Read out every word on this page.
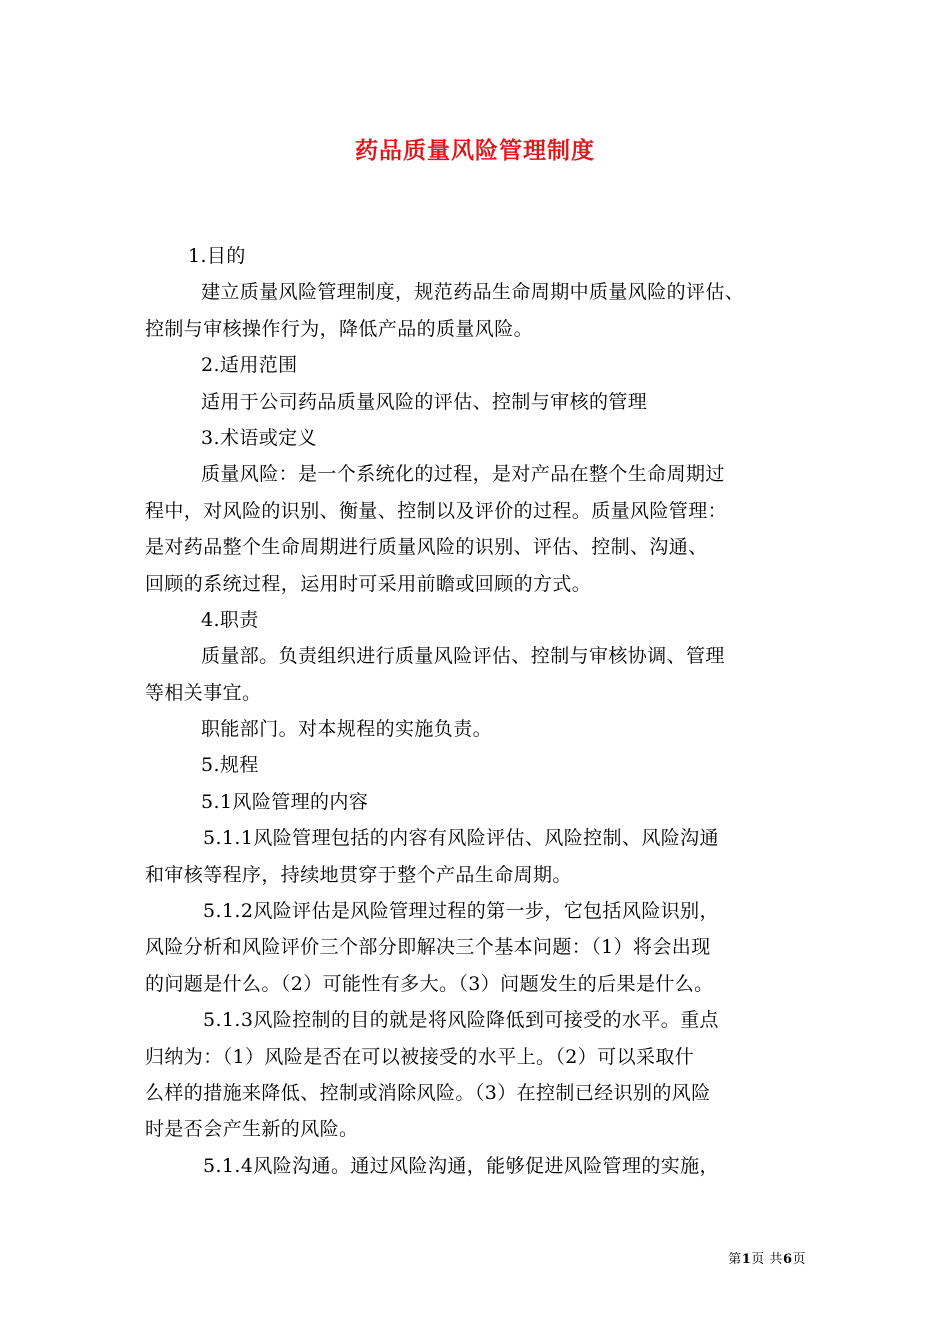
药品质量风险管理制度
1.目的
建立质量风险管理制度，规范药品生命周期中质量风险的评估、
控制与审核操作行为，降低产品的质量风险。
2.适用范围
适用于公司药品质量风险的评估、控制与审核的管理
3.术语或定义
质量风险：是一个系统化的过程，是对产品在整个生命周期过
程中，对风险的识别、衡量、控制以及评价的过程。质量风险管理：
是对药品整个生命周期进行质量风险的识别、评估、控制、沟通、
回顾的系统过程，运用时可采用前瞻或回顾的方式。
4.职责
质量部。负责组织进行质量风险评估、控制与审核协调、管理
等相关事宜。
职能部门。对本规程的实施负责。
5.规程
5.1风险管理的内容
5.1.1风险管理包括的内容有风险评估、风险控制、风险沟通
和审核等程序，持续地贯穿于整个产品生命周期。
5.1.2风险评估是风险管理过程的第一步，它包括风险识别，
风险分析和风险评价三个部分即解决三个基本问题：（1）将会出现
的问题是什么。（2）可能性有多大。（3）问题发生的后果是什么。
5.1.3风险控制的目的就是将风险降低到可接受的水平。重点
归纳为：（1）风险是否在可以被接受的水平上。（2）可以采取什
么样的措施来降低、控制或消除风险。（3）在控制已经识别的风险
时是否会产生新的风险。
5.1.4风险沟通。通过风险沟通，能够促进风险管理的实施，
第1页 共6页
